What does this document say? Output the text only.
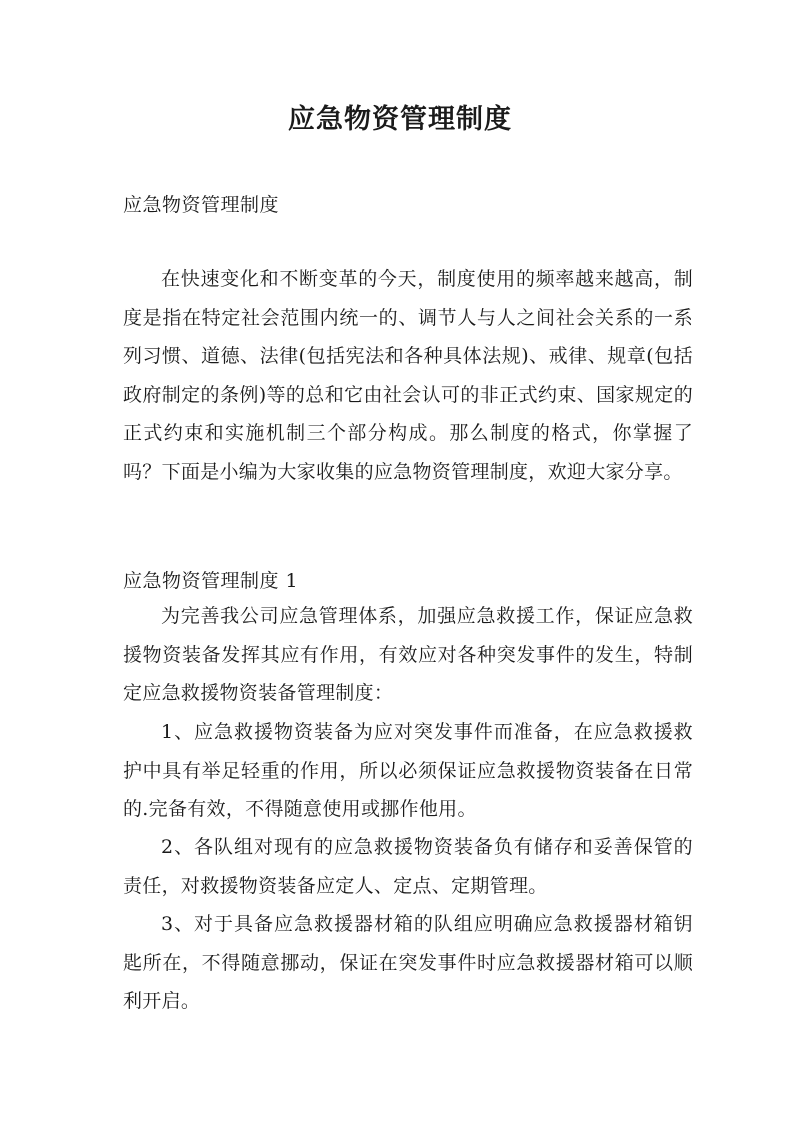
应急物资管理制度
应急物资管理制度

在快速变化和不断变革的今天，制度使用的频率越来越高，制度是指在特定社会范围内统一的、调节人与人之间社会关系的一系列习惯、道德、法律(包括宪法和各种具体法规)、戒律、规章(包括政府制定的条例)等的总和它由社会认可的非正式约束、国家规定的正式约束和实施机制三个部分构成。那么制度的格式，你掌握了吗？下面是小编为大家收集的应急物资管理制度，欢迎大家分享。

应急物资管理制度 1

为完善我公司应急管理体系，加强应急救援工作，保证应急救援物资装备发挥其应有作用，有效应对各种突发事件的发生，特制定应急救援物资装备管理制度：

1、应急救援物资装备为应对突发事件而准备，在应急救援救护中具有举足轻重的作用，所以必须保证应急救援物资装备在日常的.完备有效，不得随意使用或挪作他用。

2、各队组对现有的应急救援物资装备负有储存和妥善保管的责任，对救援物资装备应定人、定点、定期管理。

3、对于具备应急救援器材箱的队组应明确应急救援器材箱钥匙所在，不得随意挪动，保证在突发事件时应急救援器材箱可以顺利开启。
